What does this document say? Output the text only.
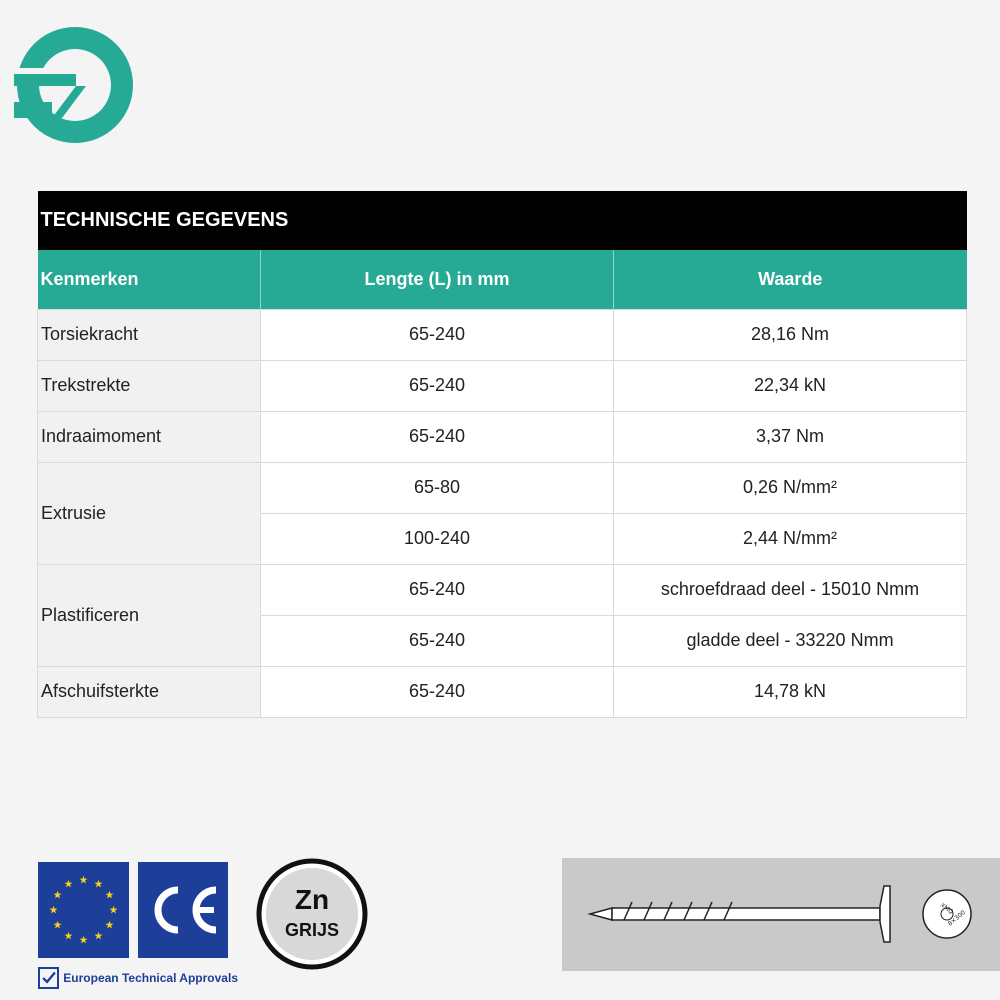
TECHNISCHE GEGEVENS		
Kenmerken	Lengte (L) in mm	Waarde
Torsiekracht	65-240	28,16 Nm
Trekstrekte	65-240	22,34 kN
Indraaimoment	65-240	3,37 Nm
Extrusie	65-80	0,26 N/mm²
	100-240	2,44 N/mm²
Plastificeren	65-240	schroefdraad deel - 15010 Nmm
	65-240	gladde deel - 33220 Nmm
Afschuifsterkte	65-240	14,78 kN
European Technical Approvals
Zn
GRIJS
XMQ
8×300
